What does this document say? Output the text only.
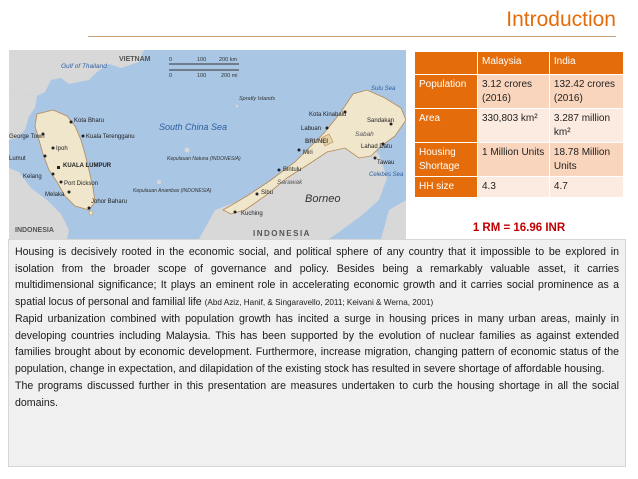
Introduction
0	100 200 km
0	100	200 mi
VIETNAM
INDONESIA	INDONESIA
BRUNEI
Gulf of Thailand
South China Sea
Sulu Sea
Celebes Sea
Kota Bharu
George Town	Kuala Terengganu
Ipoh
Lumut
KUALA LUMPUR
Kelang
Port Dickson
Melaka
Johor Baharu
Kuching
Sibu
Bintulu
Miri
Labuan
Kota Kinabalu
Sandakan
Lahad Datu
Tawau
Sarawak
Sabah
Borneo
Spratly Islands
Kepulauan Natuna (INDONESIA)
Kepulauan Anambas (INDONESIA)
	Malaysia	India
Population	3.12 crores (2016)	132.42 crores (2016)
Area	330,803 km²	3.287 million km²
Housing Shortage	1 Million Units	18.78 Million Units
HH size	4.3	4.7
1 RM = 16.96 INR

Housing is decisively rooted in the economic social, and political sphere of any country that it impossible to be explored in isolation from the broader scope of governance and policy. Besides being a remarkably valuable asset, it carries multidimensional significance; It plays an eminent role in accelerating economic growth and it carries social prominence as a spatial locus of personal and familial life (Abd Aziz, Hanif, & Singaravello, 2011; Keivani & Werna, 2001)

Rapid urbanization combined with population growth has incited a surge in housing prices in many urban areas, mainly in developing countries including Malaysia. This has been supported by the evolution of nuclear families as against extended families brought about by economic development. Furthermore, increase migration, changing pattern of economic status of the population, change in expectation, and dilapidation of the existing stock has resulted in severe shortage of affordable housing.

The programs discussed further in this presentation are measures undertaken to curb the housing shortage in all the social domains.
